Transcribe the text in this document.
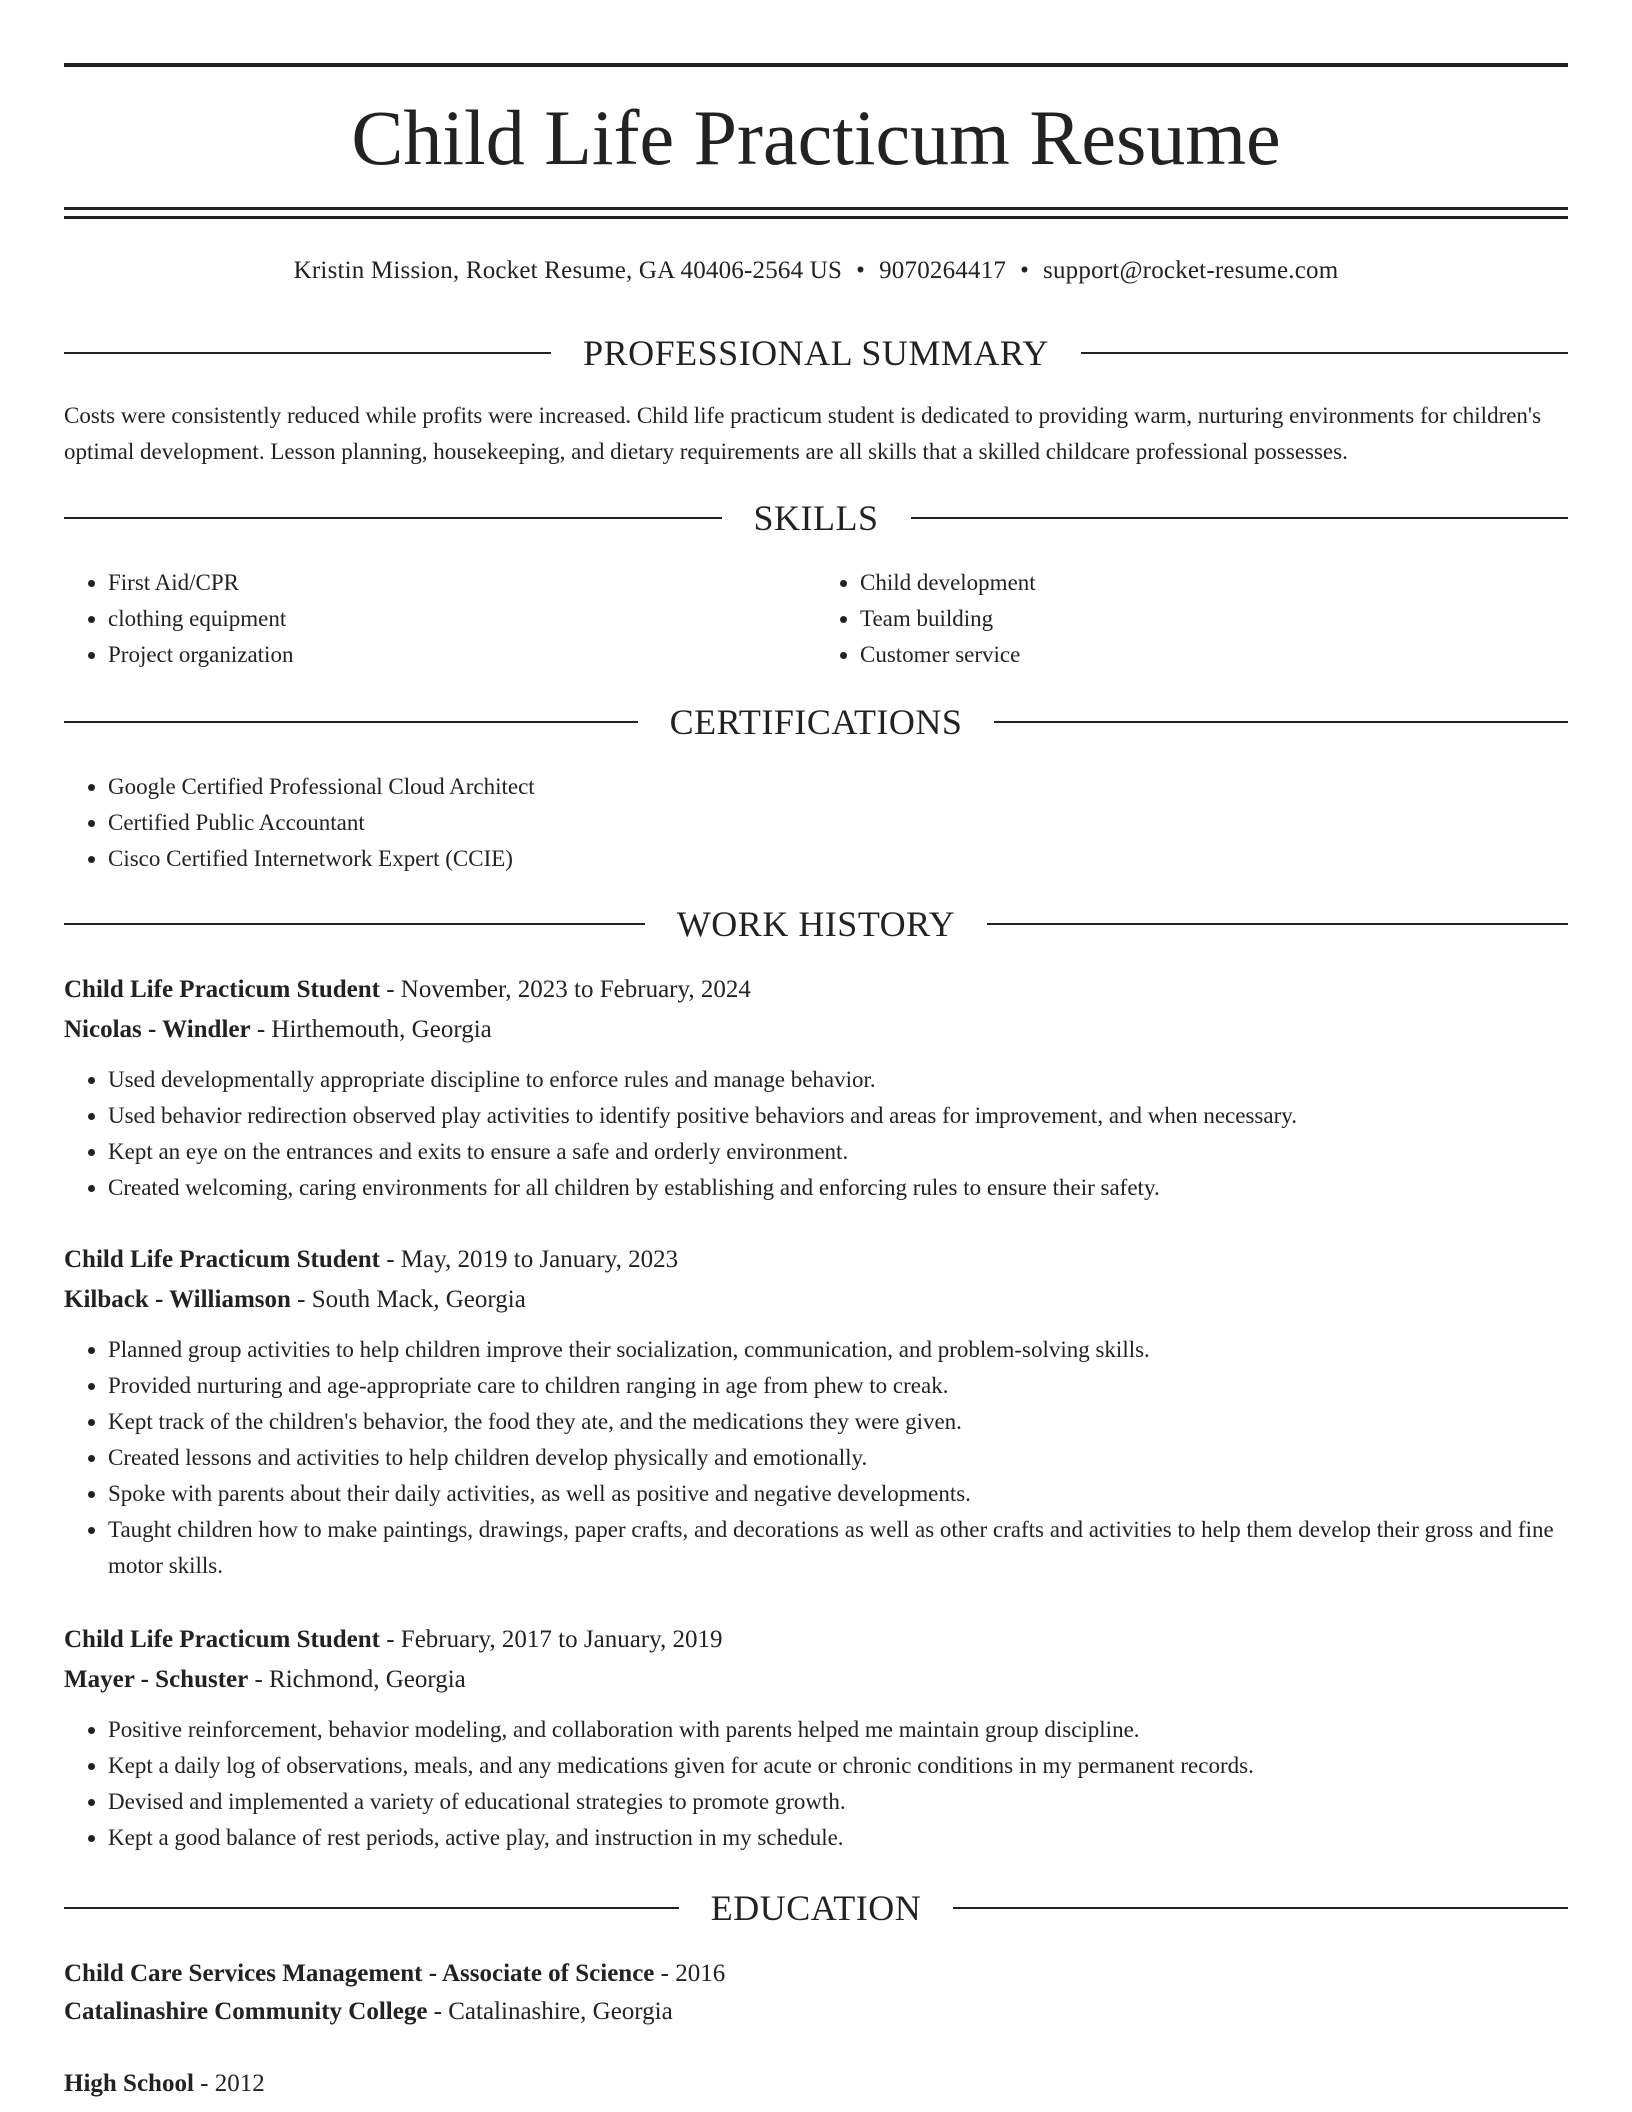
Child Life Practicum Resume
Kristin Mission, Rocket Resume, GA 40406-2564 US • 9070264417 • support@rocket-resume.com
PROFESSIONAL SUMMARY

Costs were consistently reduced while profits were increased. Child life practicum student is dedicated to providing warm, nurturing environments for children's optimal development. Lesson planning, housekeeping, and dietary requirements are all skills that a skilled childcare professional possesses.

SKILLS
• First Aid/CPR
• clothing equipment
• Project organization
• Child development
• Team building
• Customer service
CERTIFICATIONS
• Google Certified Professional Cloud Architect
• Certified Public Accountant
• Cisco Certified Internetwork Expert (CCIE)
WORK HISTORY

Child Life Practicum Student - November, 2023 to February, 2024

Nicolas - Windler - Hirthemouth, Georgia

• Used developmentally appropriate discipline to enforce rules and manage behavior.
• Used behavior redirection observed play activities to identify positive behaviors and areas for improvement, and when necessary.
• Kept an eye on the entrances and exits to ensure a safe and orderly environment.
• Created welcoming, caring environments for all children by establishing and enforcing rules to ensure their safety.

Child Life Practicum Student - May, 2019 to January, 2023

Kilback - Williamson - South Mack, Georgia

• Planned group activities to help children improve their socialization, communication, and problem-solving skills.
• Provided nurturing and age-appropriate care to children ranging in age from phew to creak.
• Kept track of the children's behavior, the food they ate, and the medications they were given.
• Created lessons and activities to help children develop physically and emotionally.
• Spoke with parents about their daily activities, as well as positive and negative developments.
• Taught children how to make paintings, drawings, paper crafts, and decorations as well as other crafts and activities to help them develop their gross and fine motor skills.

Child Life Practicum Student - February, 2017 to January, 2019

Mayer - Schuster - Richmond, Georgia

• Positive reinforcement, behavior modeling, and collaboration with parents helped me maintain group discipline.
• Kept a daily log of observations, meals, and any medications given for acute or chronic conditions in my permanent records.
• Devised and implemented a variety of educational strategies to promote growth.
• Kept a good balance of rest periods, active play, and instruction in my schedule.
EDUCATION

Child Care Services Management - Associate of Science - 2016

Catalinashire Community College - Catalinashire, Georgia

High School - 2012
